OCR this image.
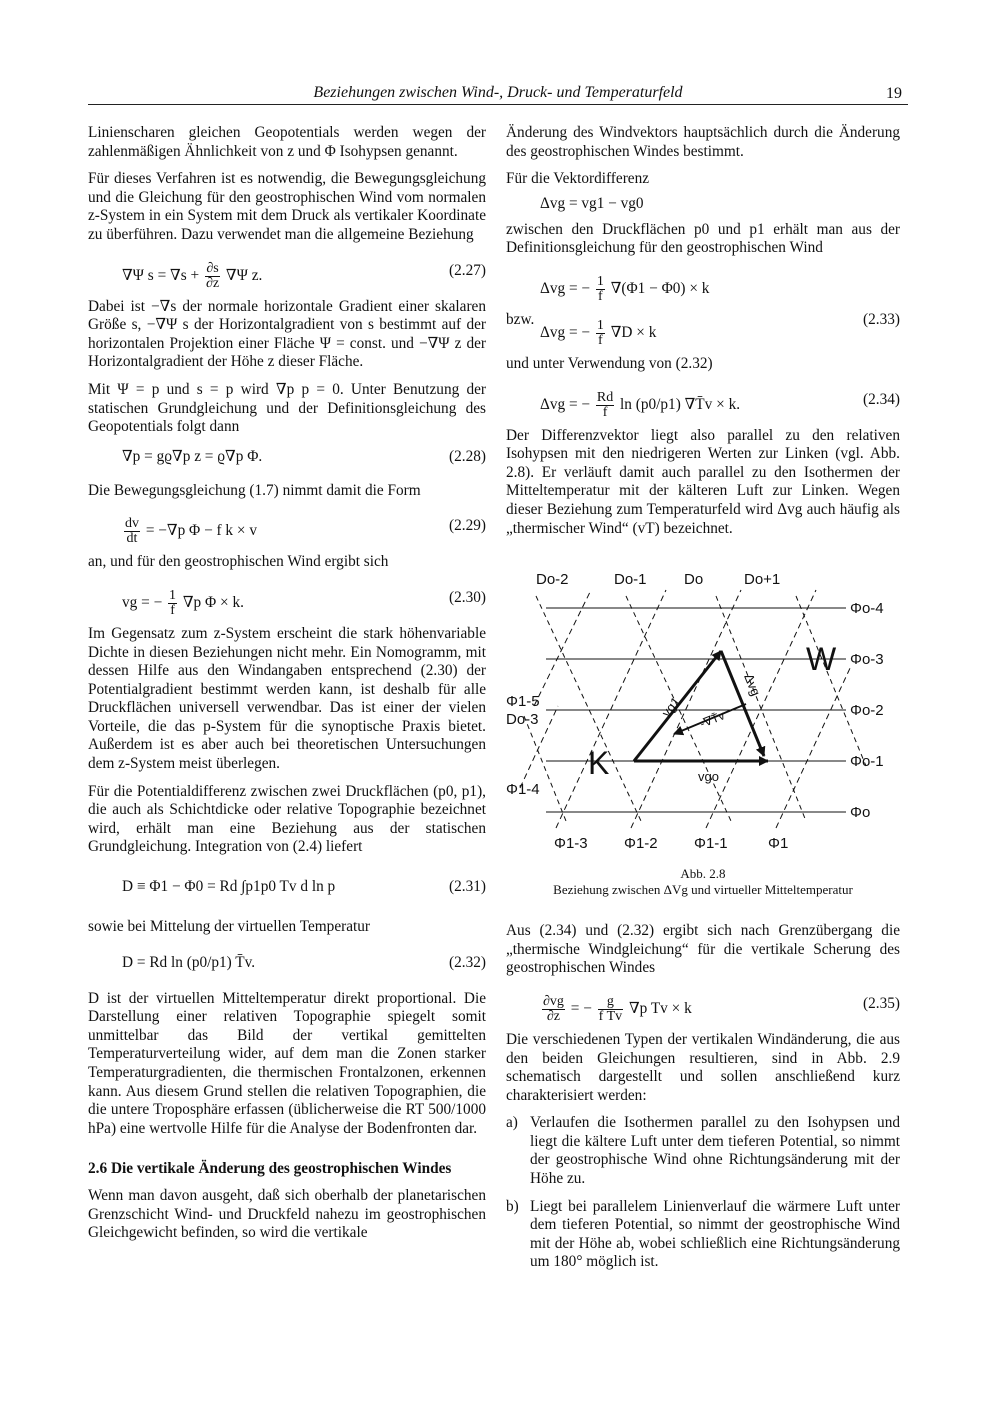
Beziehungen zwischen Wind-, Druck- und Temperaturfeld	19

Linienscharen gleichen Geopotentials werden wegen der zahlenmäßigen Ähnlichkeit von z und Φ Isohypsen genannt.

Für dieses Verfahren ist es notwendig, die Bewegungsgleichung und die Gleichung für den geostrophischen Wind vom normalen z-System in ein System mit dem Druck als vertikaler Koordinate zu überführen. Dazu verwendet man die allgemeine Beziehung

∇Ψ $s = \nabla s + \frac{\partial s}{\partial z} \nabla\Psi$ z.	(2.27)

Dabei ist −∇s der normale horizontale Gradient einer skalaren Größe s, −∇Ψ s der Horizontalgradient von s bestimmt auf der horizontalen Projektion einer Fläche Ψ = const. und −∇Ψ z der Horizontalgradient der Höhe z dieser Fläche.

Mit Ψ = p und s = p wird ∇p p = 0. Unter Benutzung der statischen Grundgleichung und der Definitionsgleichung des Geopotentials folgt dann

∇p = gϱ∇p z = ϱ∇p Φ.	(2.28)

Die Bewegungsgleichung (1.7) nimmt damit die Form

$\frac{dv}{dt} = -\nabla p$ Φ − f k × v	(2.29)

an, und für den geostrophischen Wind ergibt sich

vg = − $\frac{1}{f} \nabla p$ Φ × k.	(2.30)

Im Gegensatz zum z-System erscheint die stark höhenvariable Dichte in diesen Beziehungen nicht mehr. Ein Nomogramm, mit dessen Hilfe aus den Windangaben entsprechend (2.30) der Potentialgradient bestimmt werden kann, ist deshalb für alle Druckflächen universell verwendbar. Das ist einer der vielen Vorteile, die das p-System für die synoptische Praxis bietet. Außerdem ist es aber auch bei theoretischen Untersuchungen dem z-System meist überlegen.

Für die Potentialdifferenz zwischen zwei Druckflächen (p0, p1), die auch als Schichtdicke oder relative Topographie bezeichnet wird, erhält man eine Beziehung aus der statischen Grundgleichung. Integration von (2.4) liefert

D ≡ Φ1 − Φ0 = Rd ∫p1p0 Tv d ln p	(2.31)

sowie bei Mittelung der virtuellen Temperatur

D = Rd ln (p0/p1) T̄v.	(2.32)

D ist der virtuellen Mitteltemperatur direkt proportional. Die Darstellung einer relativen Topographie spiegelt somit unmittelbar das Bild der vertikal gemittelten Temperaturverteilung wider, auf dem man die Zonen starker Temperaturgradienten, die thermischen Frontalzonen, erkennen kann. Aus diesem Grund stellen die relativen Topographien, die die untere Troposphäre erfassen (üblicherweise die RT 500/1000 hPa) eine wertvolle Hilfe für die Analyse der Bodenfronten dar.

2.6 Die vertikale Änderung des geostrophischen Windes

Wenn man davon ausgeht, daß sich oberhalb der planetarischen Grenzschicht Wind- und Druckfeld nahezu im geostrophischen Gleichgewicht befinden, so wird die vertikale

Änderung des Windvektors hauptsächlich durch die Änderung des geostrophischen Windes bestimmt.

Für die Vektordifferenz

Δvg = vg1 − vg0

zwischen den Druckflächen p0 und p1 erhält man aus der Definitionsgleichung für den geostrophischen Wind

Δvg = − $\frac{1}{f} \nabla(\Phi 1 - \Phi 0) \times k$
bzw.
Δvg = − $\frac{1}{f} \nabla D \times k$
(2.33)

und unter Verwendung von (2.32)

Δvg = − $\frac{Rd}{f}$ ln (p0/p1) ∇T̄v × k.	(2.34)

Der Differenzvektor liegt also parallel zu den relativen Isohypsen mit den niedrigeren Werten zur Linken (vgl. Abb. 2.8). Er verläuft damit auch parallel zu den Isothermen der Mitteltemperatur mit der kälteren Luft zur Linken. Wegen dieser Beziehung zum Temperaturfeld wird Δvg auch häufig als „thermischer Wind“ (vT) bezeichnet.

Do-2	Do-1 Do	Do+1
Φo-4
Φo-3
Φo-2
Φo-1
Φo
Φ1-5
Do-3
Φ1-4
Φ1-3 Φ1-2 Φ1-1	Φ1
W
K
vg1
vgo
Δvg
-∇T̄v
Abb. 2.8
Beziehung zwischen ΔVg und virtueller Mitteltemperatur

Aus (2.34) und (2.32) ergibt sich nach Grenzübergang die „thermische Windgleichung“ für die vertikale Scherung des geostrophischen Windes

$\frac{\partial vg}{\partial z}$ = − $\frac{g}{\text{f T̄v}} \nabla p$ Tv × k	(2.35)

Die verschiedenen Typen der vertikalen Windänderung, die aus den beiden Gleichungen resultieren, sind in Abb. 2.9 schematisch dargestellt und sollen anschließend kurz charakterisiert werden:

a) Verlaufen die Isothermen parallel zu den Isohypsen und liegt die kältere Luft unter dem tieferen Potential, so nimmt der geostrophische Wind ohne Richtungsänderung mit der Höhe zu.
b) Liegt bei parallelem Linienverlauf die wärmere Luft unter dem tieferen Potential, so nimmt der geostrophische Wind mit der Höhe ab, wobei schließlich eine Richtungsänderung um 180° möglich ist.
